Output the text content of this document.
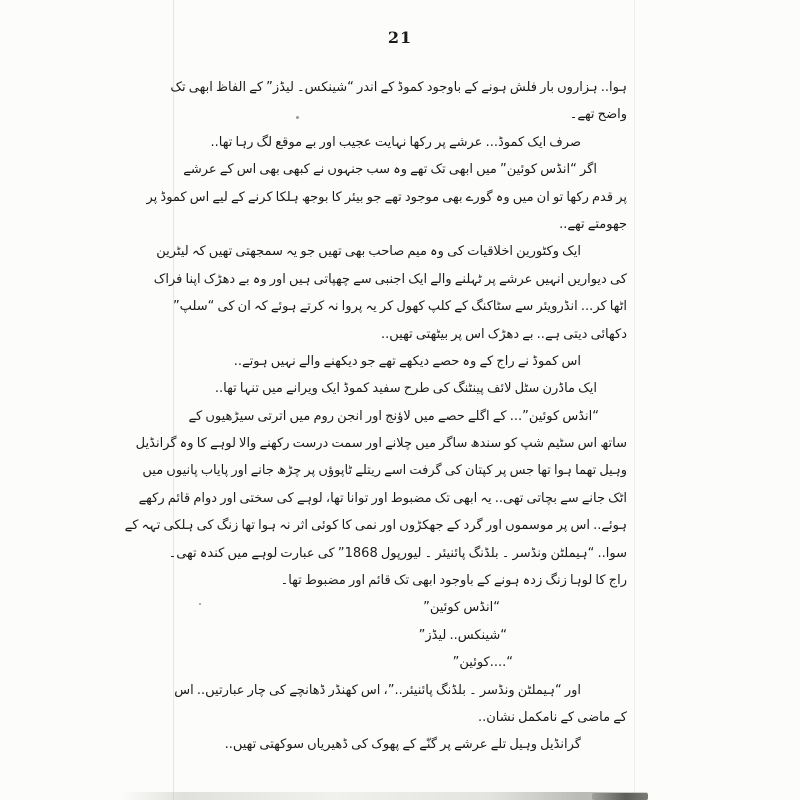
21
ہوا.. ہزاروں بار فلش ہونے کے باوجود کموڈ کے اندر “شینکس۔ لیڈز” کے الفاظ ابھی تک
واضح تھے۔
صرف ایک کموڈ... عرشے پر رکھا نہایت عجیب اور بے موقع لگ رہا تھا..
اگر “انڈس کوئین” میں ابھی تک تھے وہ سب جنہوں نے کبھی بھی اس کے عرشے
پر قدم رکھا تو ان میں وہ گورے بھی موجود تھے جو بیئر کا بوجھ ہلکا کرنے کے لیے اس کموڈ پر
جھومتے تھے..
ایک وکٹورین اخلاقیات کی وہ میم صاحب بھی تھیں جو یہ سمجھتی تھیں کہ لیٹرین
کی دیواریں انہیں عرشے پر ٹہلنے والے ایک اجنبی سے چھپاتی ہیں اور وہ بے دھڑک اپنا فراک
اٹھا کر... انڈرویئر سے سٹاکنگ کے کلپ کھول کر یہ پروا نہ کرتے ہوئے کہ ان کی “سلپ”
دکھائی دیتی ہے.. بے دھڑک اس پر بیٹھتی تھیں..
اس کموڈ نے راج کے وہ حصے دیکھے تھے جو دیکھنے والے نہیں ہوتے..
ایک ماڈرن سٹل لائف پینٹنگ کی طرح سفید کموڈ ایک ویرانے میں تنہا تھا..
“انڈس کوئین”... کے اگلے حصے میں لاؤنج اور انجن روم میں اترتی سیڑھیوں کے
ساتھ اس سٹیم شپ کو سندھ ساگر میں چلانے اور سمت درست رکھنے والا لوہے کا وہ گرانڈیل
وہیل تھما ہوا تھا جس پر کپتان کی گرفت اسے ریتلے ٹاپوؤں پر چڑھ جانے اور پایاب پانیوں میں
اٹک جانے سے بچاتی تھی.. یہ ابھی تک مضبوط اور توانا تھا، لوہے کی سختی اور دوام قائم رکھے
ہوئے.. اس پر موسموں اور گرد کے جھکڑوں اور نمی کا کوئی اثر نہ ہوا تھا زنگ کی ہلکی تہہ کے
سوا.. “ہیملٹن ونڈسر ۔ بلڈنگ پائنیئر ۔ لیورپول 1868” کی عبارت لوہے میں کندہ تھی۔
راج کا لوہا زنگ زدہ ہونے کے باوجود ابھی تک قائم اور مضبوط تھا۔
“انڈس کوئین”
“شینکس.. لیڈز”
“....کوئین”
اور “ہیملٹن ونڈسر ۔ بلڈنگ پائنیئر..”، اس کھنڈر ڈھانچے کی چار عبارتیں.. اس
کے ماضی کے نامکمل نشان..
گرانڈیل وہیل تلے عرشے پر گنّے کے پھوک کی ڈھیریاں سوکھتی تھیں..
